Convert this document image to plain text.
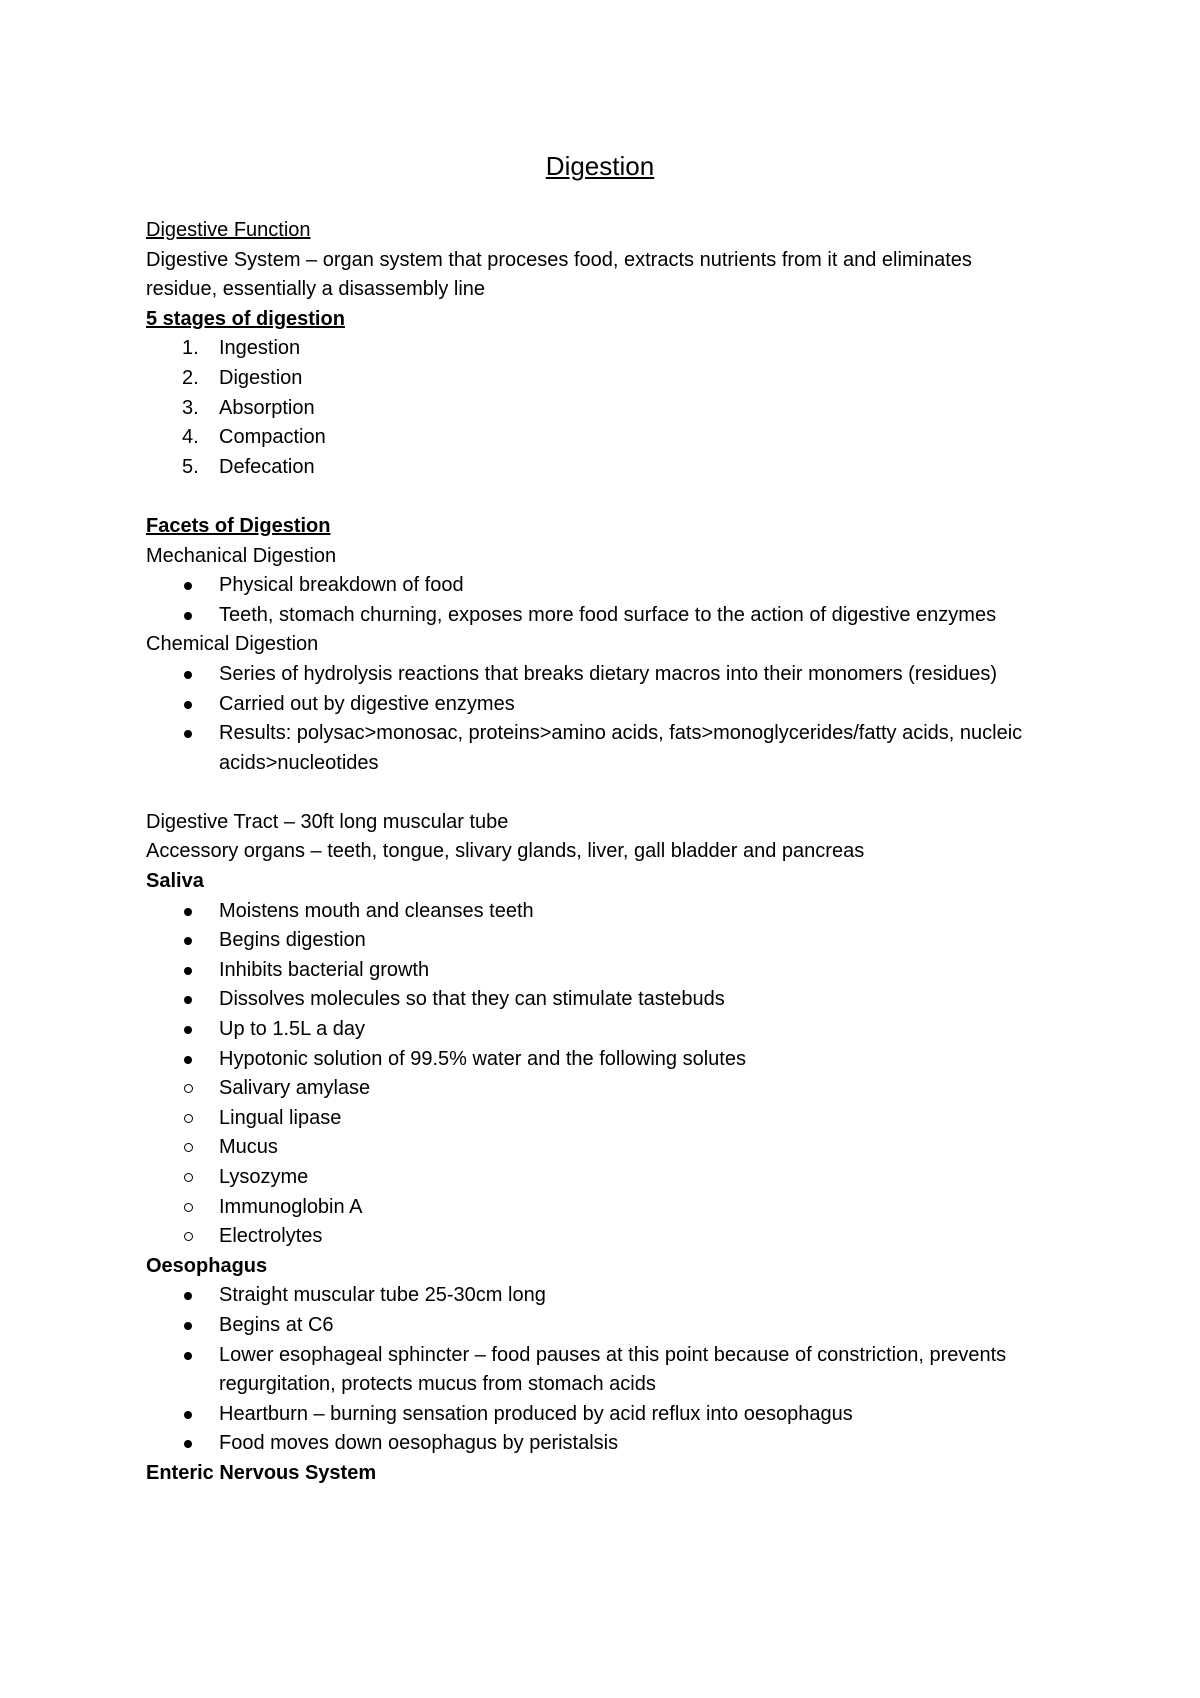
Digestion

Digestive Function

Digestive System – organ system that proceses food, extracts nutrients from it and eliminates residue, essentially a disassembly line

5 stages of digestion

1.	Ingestion

2.	Digestion

3.	Absorption

4.	Compaction

5.	Defecation

Facets of Digestion

Mechanical Digestion

Physical breakdown of food

Teeth, stomach churning, exposes more food surface to the action of digestive enzymes

Chemical Digestion

Series of hydrolysis reactions that breaks dietary macros into their monomers (residues)

Carried out by digestive enzymes

Results: polysac>monosac, proteins>amino acids, fats>monoglycerides/fatty acids, nucleic acids>nucleotides

Digestive Tract – 30ft long muscular tube

Accessory organs – teeth, tongue, slivary glands, liver, gall bladder and pancreas

Saliva

Moistens mouth and cleanses teeth

Begins digestion

Inhibits bacterial growth

Dissolves molecules so that they can stimulate tastebuds

Up to 1.5L a day

Hypotonic solution of 99.5% water and the following solutes

Salivary amylase

Lingual lipase

Mucus

Lysozyme

Immunoglobin A

Electrolytes

Oesophagus

Straight muscular tube 25-30cm long

Begins at C6

Lower esophageal sphincter – food pauses at this point because of constriction, prevents regurgitation, protects mucus from stomach acids

Heartburn – burning sensation produced by acid reflux into oesophagus

Food moves down oesophagus by peristalsis

Enteric Nervous System
